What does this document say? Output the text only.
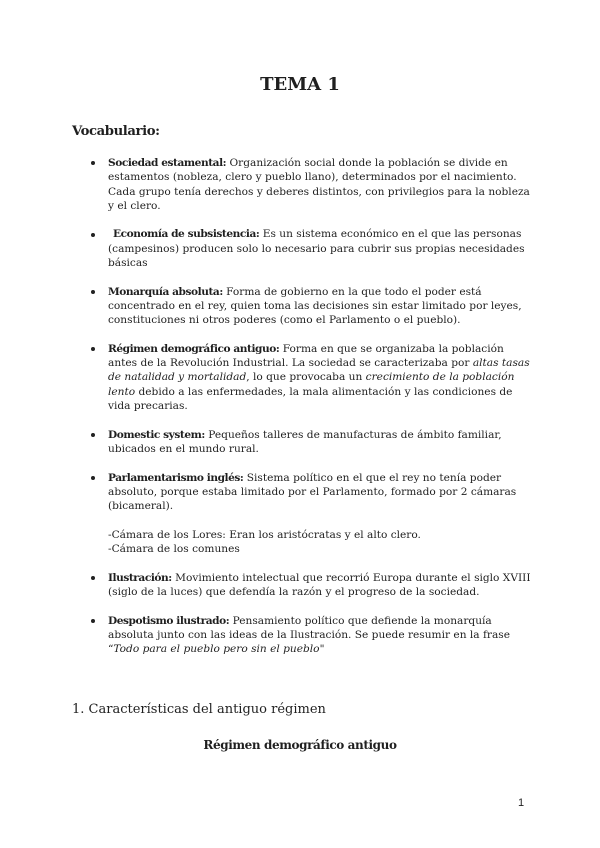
TEMA 1
Vocabulario:
Sociedad estamental: Organización social donde la población se divide en estamentos (nobleza, clero y pueblo llano), determinados por el nacimiento. Cada grupo tenía derechos y deberes distintos, con privilegios para la nobleza y el clero.
Economía de subsistencia: Es un sistema económico en el que las personas (campesinos) producen solo lo necesario para cubrir sus propias necesidades básicas
Monarquía absoluta: Forma de gobierno en la que todo el poder está concentrado en el rey, quien toma las decisiones sin estar limitado por leyes, constituciones ni otros poderes (como el Parlamento o el pueblo).
Régimen demográfico antiguo: Forma en que se organizaba la población antes de la Revolución Industrial. La sociedad se caracterizaba por altas tasas de natalidad y mortalidad, lo que provocaba un crecimiento de la población lento debido a las enfermedades, la mala alimentación y las condiciones de vida precarias.
Domestic system: Pequeños talleres de manufacturas de ámbito familiar, ubicados en el mundo rural.
Parlamentarismo inglés: Sistema político en el que el rey no tenía poder absoluto, porque estaba limitado por el Parlamento, formado por 2 cámaras (bicameral).
-Cámara de los Lores: Eran los aristócratas y el alto clero.
-Cámara de los comunes
Ilustración: Movimiento intelectual que recorrió Europa durante el siglo XVIII (siglo de la luces) que defendía la razón y el progreso de la sociedad.
Despotismo ilustrado: Pensamiento político que defiende la monarquía absoluta junto con las ideas de la Ilustración. Se puede resumir en la frase “Todo para el pueblo pero sin el pueblo"
1. Características del antiguo régimen
Régimen demográfico antiguo
1
